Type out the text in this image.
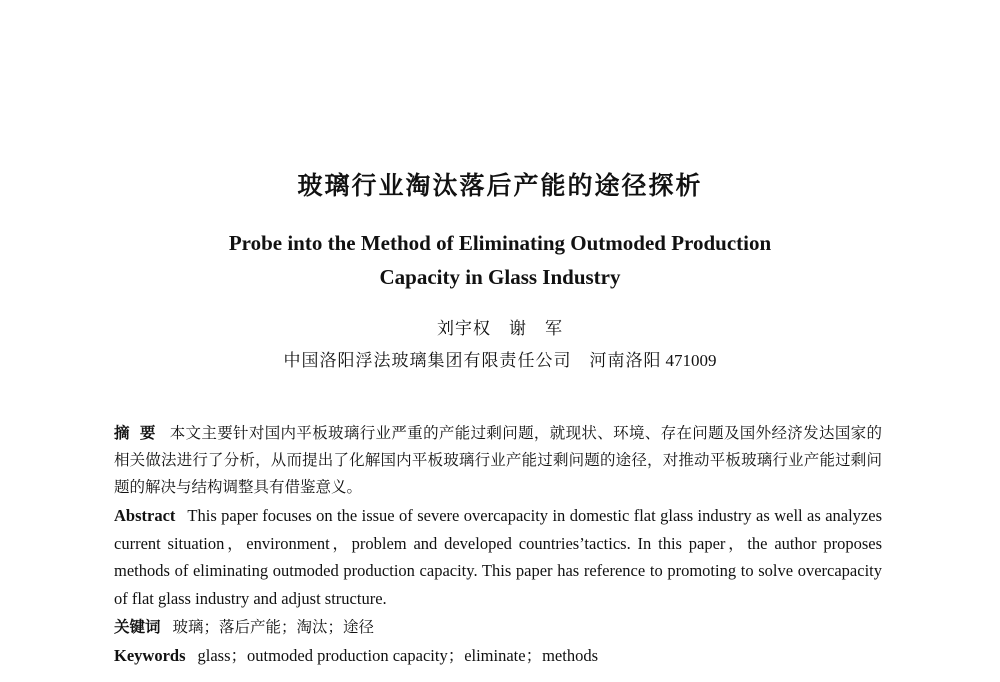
玻璃行业淘汰落后产能的途径探析
Probe into the Method of Eliminating Outmoded Production
Capacity in Glass Industry
刘宇权　谢　军
中国洛阳浮法玻璃集团有限责任公司　河南洛阳 471009
摘要 本文主要针对国内平板玻璃行业严重的产能过剩问题，就现状、环境、存在问题及国外经济发达国家的相关做法进行了分析，从而提出了化解国内平板玻璃行业产能过剩问题的途径，对推动平板玻璃行业产能过剩问题的解决与结构调整具有借鉴意义。
Abstract This paper focuses on the issue of severe overcapacity in domestic flat glass industry as well as analyzes current situation，environment，problem and developed countries’tactics. In this paper，the author proposes methods of eliminating outmoded production capacity. This paper has reference to promoting to solve overcapacity of flat glass industry and adjust structure.
关键词 玻璃；落后产能；淘汰；途径
Keywords glass；outmoded production capacity；eliminate；methods
